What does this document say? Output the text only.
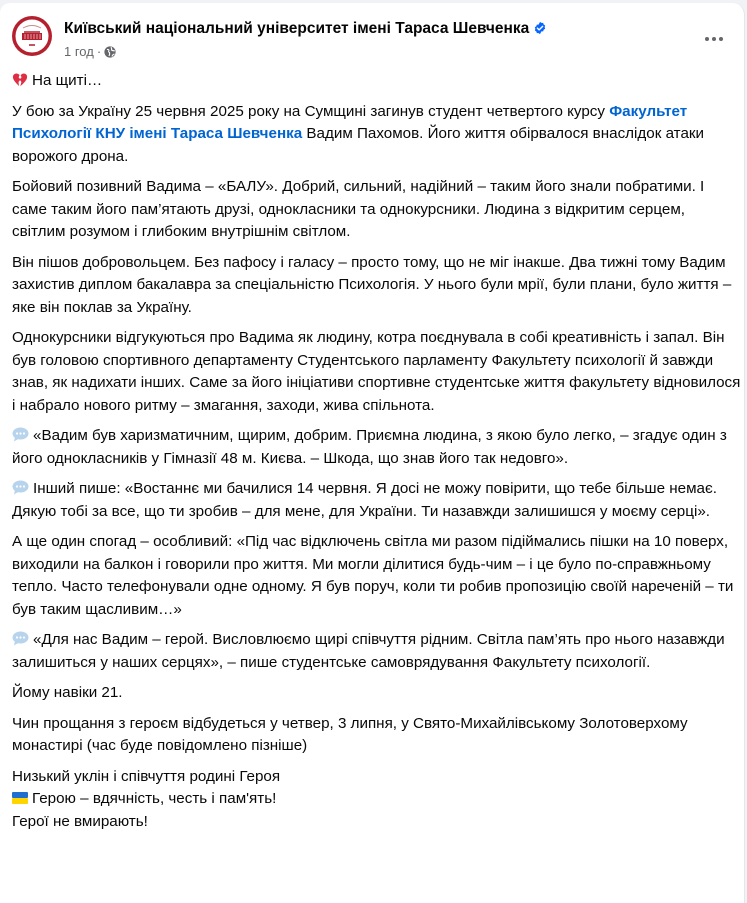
Київський національний університет імені Тараса Шевченка
1 год ·

На щиті…

У бою за Україну 25 червня 2025 року на Сумщині загинув студент четвертого курсу Факультет Психології КНУ імені Тараса Шевченка Вадим Пахомов. Його життя обірвалося внаслідок атаки ворожого дрона.

Бойовий позивний Вадима – «БАЛУ». Добрий, сильний, надійний – таким його знали побратими. І саме таким його пам’ятають друзі, однокласники та однокурсники. Людина з відкритим серцем, світлим розумом і глибоким внутрішнім світлом.

Він пішов добровольцем. Без пафосу і галасу – просто тому, що не міг інакше. Два тижні тому Вадим захистив диплом бакалавра за спеціальністю Психологія. У нього були мрії, були плани, було життя – яке він поклав за Україну.

Однокурсники відгукуються про Вадима як людину, котра поєднувала в собі креативність і запал. Він був головою спортивного департаменту Студентського парламенту Факультету психології й завжди знав, як надихати інших. Саме за його ініціативи спортивне студентське життя факультету відновилося і набрало нового ритму – змагання, заходи, жива спільнота.

«Вадим був харизматичним, щирим, добрим. Приємна людина, з якою було легко, – згадує один з його однокласників у Гімназії 48 м. Києва. – Шкода, що знав його так недовго».

Інший пише: «Востаннє ми бачилися 14 червня. Я досі не можу повірити, що тебе більше немає. Дякую тобі за все, що ти зробив – для мене, для України. Ти назавжди залишишся у моєму серці».

А ще один спогад – особливий: «Під час відключень світла ми разом підіймались пішки на 10 поверх, виходили на балкон і говорили про життя. Ми могли ділитися будь-чим – і це було по-справжньому тепло. Часто телефонували одне одному. Я був поруч, коли ти робив пропозицію своїй нареченій – ти був таким щасливим…»

«Для нас Вадим – герой. Висловлюємо щирі співчуття рідним. Світла пам’ять про нього назавжди залишиться у наших серцях», – пише студентське самоврядування Факультету психології.

Йому навіки 21.

Чин прощання з героєм відбудеться у четвер, 3 липня, у Свято-Михайлівському Золотоверхому монастирі (час буде повідомлено пізніше)

Низький уклін і співчуття родині Героя

Герою – вдячність, честь і пам'ять!

Герої не вмирають!
